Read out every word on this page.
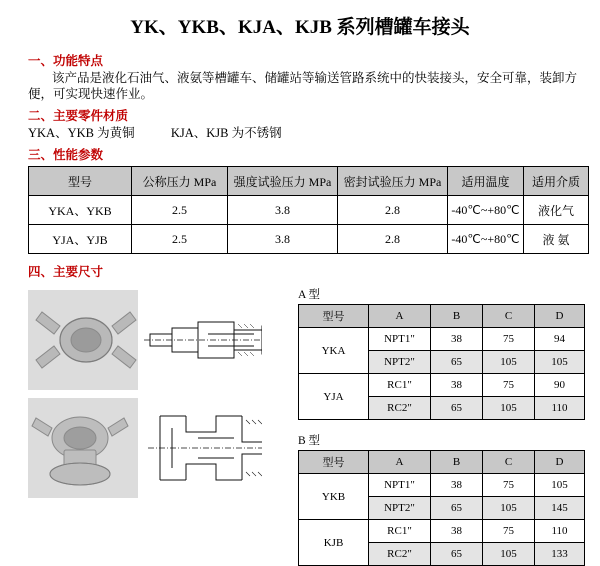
YK、YKB、KJA、KJB 系列槽罐车接头
一、功能特点
该产品是液化石油气、液氨等槽罐车、储罐站等输送管路系统中的快装接头，安全可靠，装卸方便，可实现快速作业。
二、主要零件材质
YKA、YKB 为黄铜	KJA、KJB 为不锈钢
三、性能参数
型号	公称压力 MPa	强度试验压力 MPa	密封试验压力 MPa	适用温度	适用介质
YKA、YKB	2.5	3.8	2.8	-40℃~+80℃	液化气
YJA、YJB	2.5	3.8	2.8	-40℃~+80℃	液 氨
四、主要尺寸

A 型
型号	A	B	C	D
YKA	NPT1"	38	75	94
	NPT2"	65	105	105
YJA	RC1"	38	75	90
	RC2"	65	105	110
B 型
型号	A	B	C	D
YKB	NPT1"	38	75	105
	NPT2"	65	105	145
KJB	RC1"	38	75	110
	RC2"	65	105	133
